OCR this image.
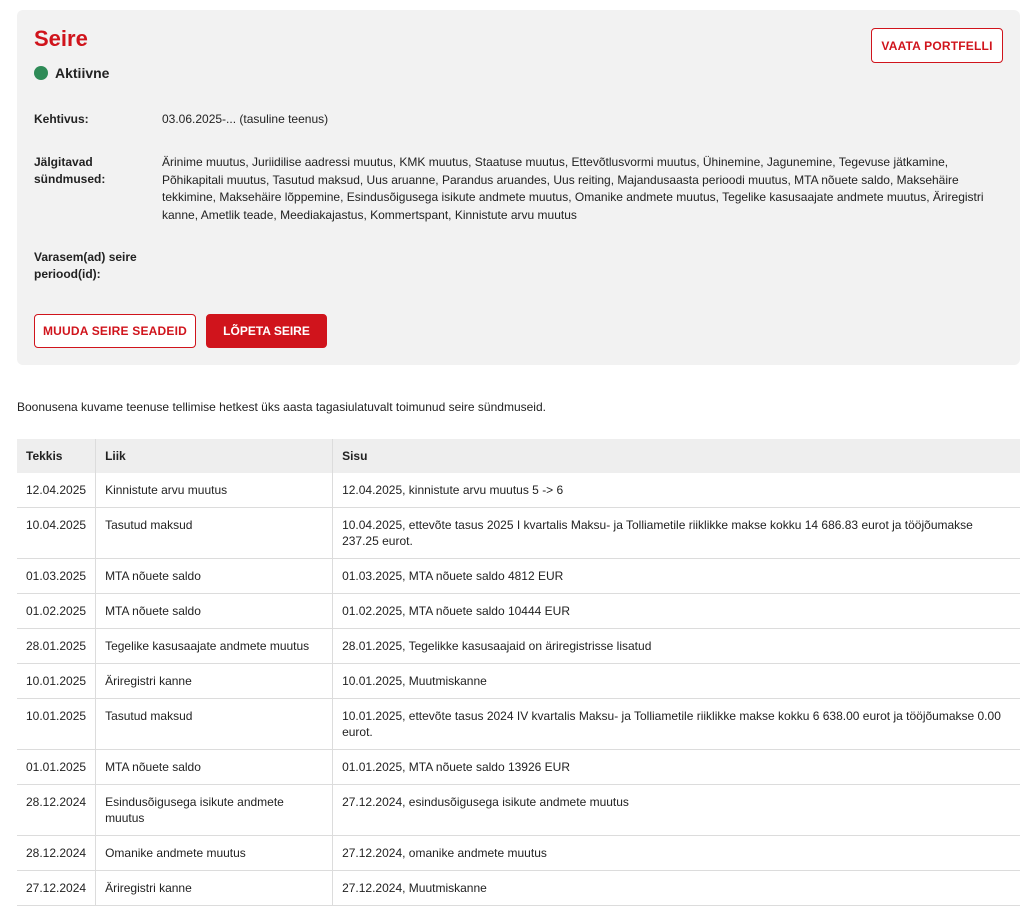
Seire
Aktiivne
VAATA PORTFELLI
Kehtivus:	03.06.2025-... (tasuline teenus)
Jälgitavad
sündmused:
Ärinime muutus, Juriidilise aadressi muutus, KMK muutus, Staatuse muutus, Ettevõtlusvormi muutus, Ühinemine, Jagunemine, Tegevuse jätkamine, Põhikapitali muutus, Tasutud maksud, Uus aruanne, Parandus aruandes, Uus reiting, Majandusaasta perioodi muutus, MTA nõuete saldo, Maksehäire tekkimine, Maksehäire lõppemine, Esindusõigusega isikute andmete muutus, Omanike andmete muutus, Tegelike kasusaajate andmete muutus, Äriregistri kanne, Ametlik teade, Meediakajastus, Kommertspant, Kinnistute arvu muutus
Varasem(ad) seire
periood(id):
MUUDA SEIRE SEADEID	LÕPETA SEIRE
Boonusena kuvame teenuse tellimise hetkest üks aasta tagasiulatuvalt toimunud seire sündmuseid.
Tekkis	Liik	Sisu
12.04.2025	Kinnistute arvu muutus	12.04.2025, kinnistute arvu muutus 5 -> 6
10.04.2025	Tasutud maksud	10.04.2025, ettevõte tasus 2025 I kvartalis Maksu- ja Tolliametile riiklikke makse kokku 14 686.83 eurot ja tööjõumakse 237.25 eurot.
01.03.2025	MTA nõuete saldo	01.03.2025, MTA nõuete saldo 4812 EUR
01.02.2025	MTA nõuete saldo	01.02.2025, MTA nõuete saldo 10444 EUR
28.01.2025	Tegelike kasusaajate andmete muutus	28.01.2025, Tegelikke kasusaajaid on äriregistrisse lisatud
10.01.2025	Äriregistri kanne	10.01.2025, Muutmiskanne
10.01.2025	Tasutud maksud	10.01.2025, ettevõte tasus 2024 IV kvartalis Maksu- ja Tolliametile riiklikke makse kokku 6 638.00 eurot ja tööjõumakse 0.00 eurot.
01.01.2025	MTA nõuete saldo	01.01.2025, MTA nõuete saldo 13926 EUR
28.12.2024	Esindusõigusega isikute andmete muutus	27.12.2024, esindusõigusega isikute andmete muutus
28.12.2024	Omanike andmete muutus	27.12.2024, omanike andmete muutus
27.12.2024	Äriregistri kanne	27.12.2024, Muutmiskanne
